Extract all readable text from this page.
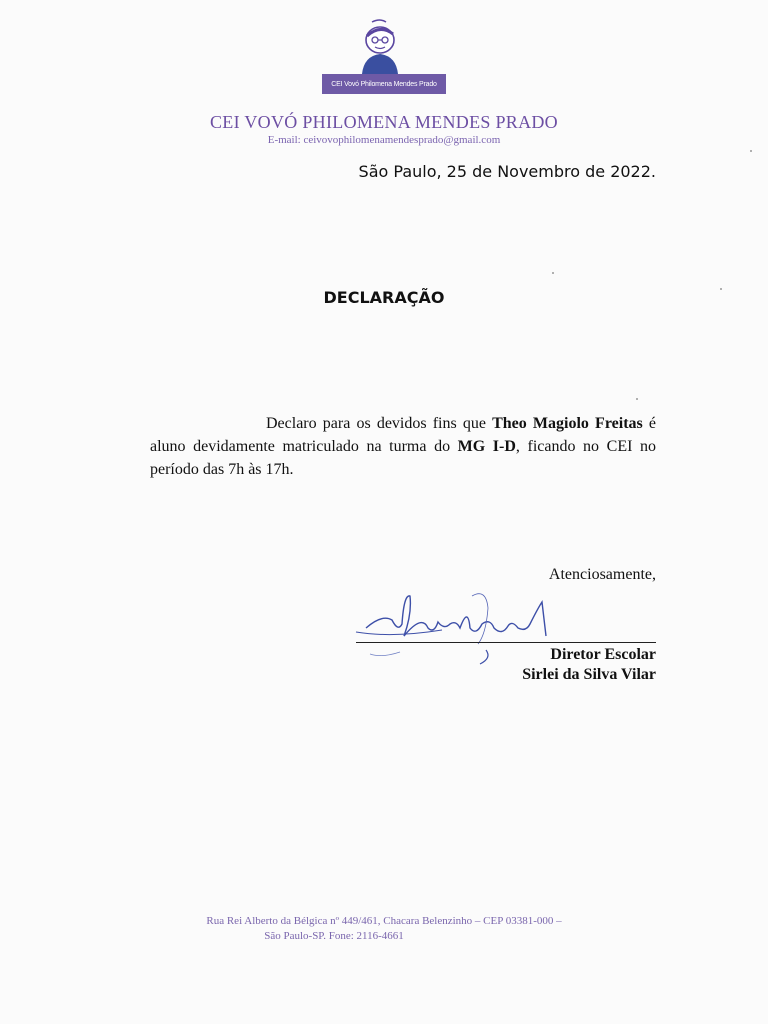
CEI Vovó Philomena Mendes Prado
CEI VOVÓ PHILOMENA MENDES PRADO
E-mail: ceivovophilomenamendesprado@gmail.com
São Paulo, 25 de Novembro de 2022.
DECLARAÇÃO
Declaro para os devidos fins que Theo Magiolo Freitas é aluno devidamente matriculado na turma do MG I-D, ficando no CEI no período das 7h às 17h.
Atenciosamente,
Diretor Escolar
Sirlei da Silva Vilar
Rua Rei Alberto da Bélgica nº 449/461, Chacara Belenzinho – CEP 03381-000 –
São Paulo-SP. Fone: 2116-4661
